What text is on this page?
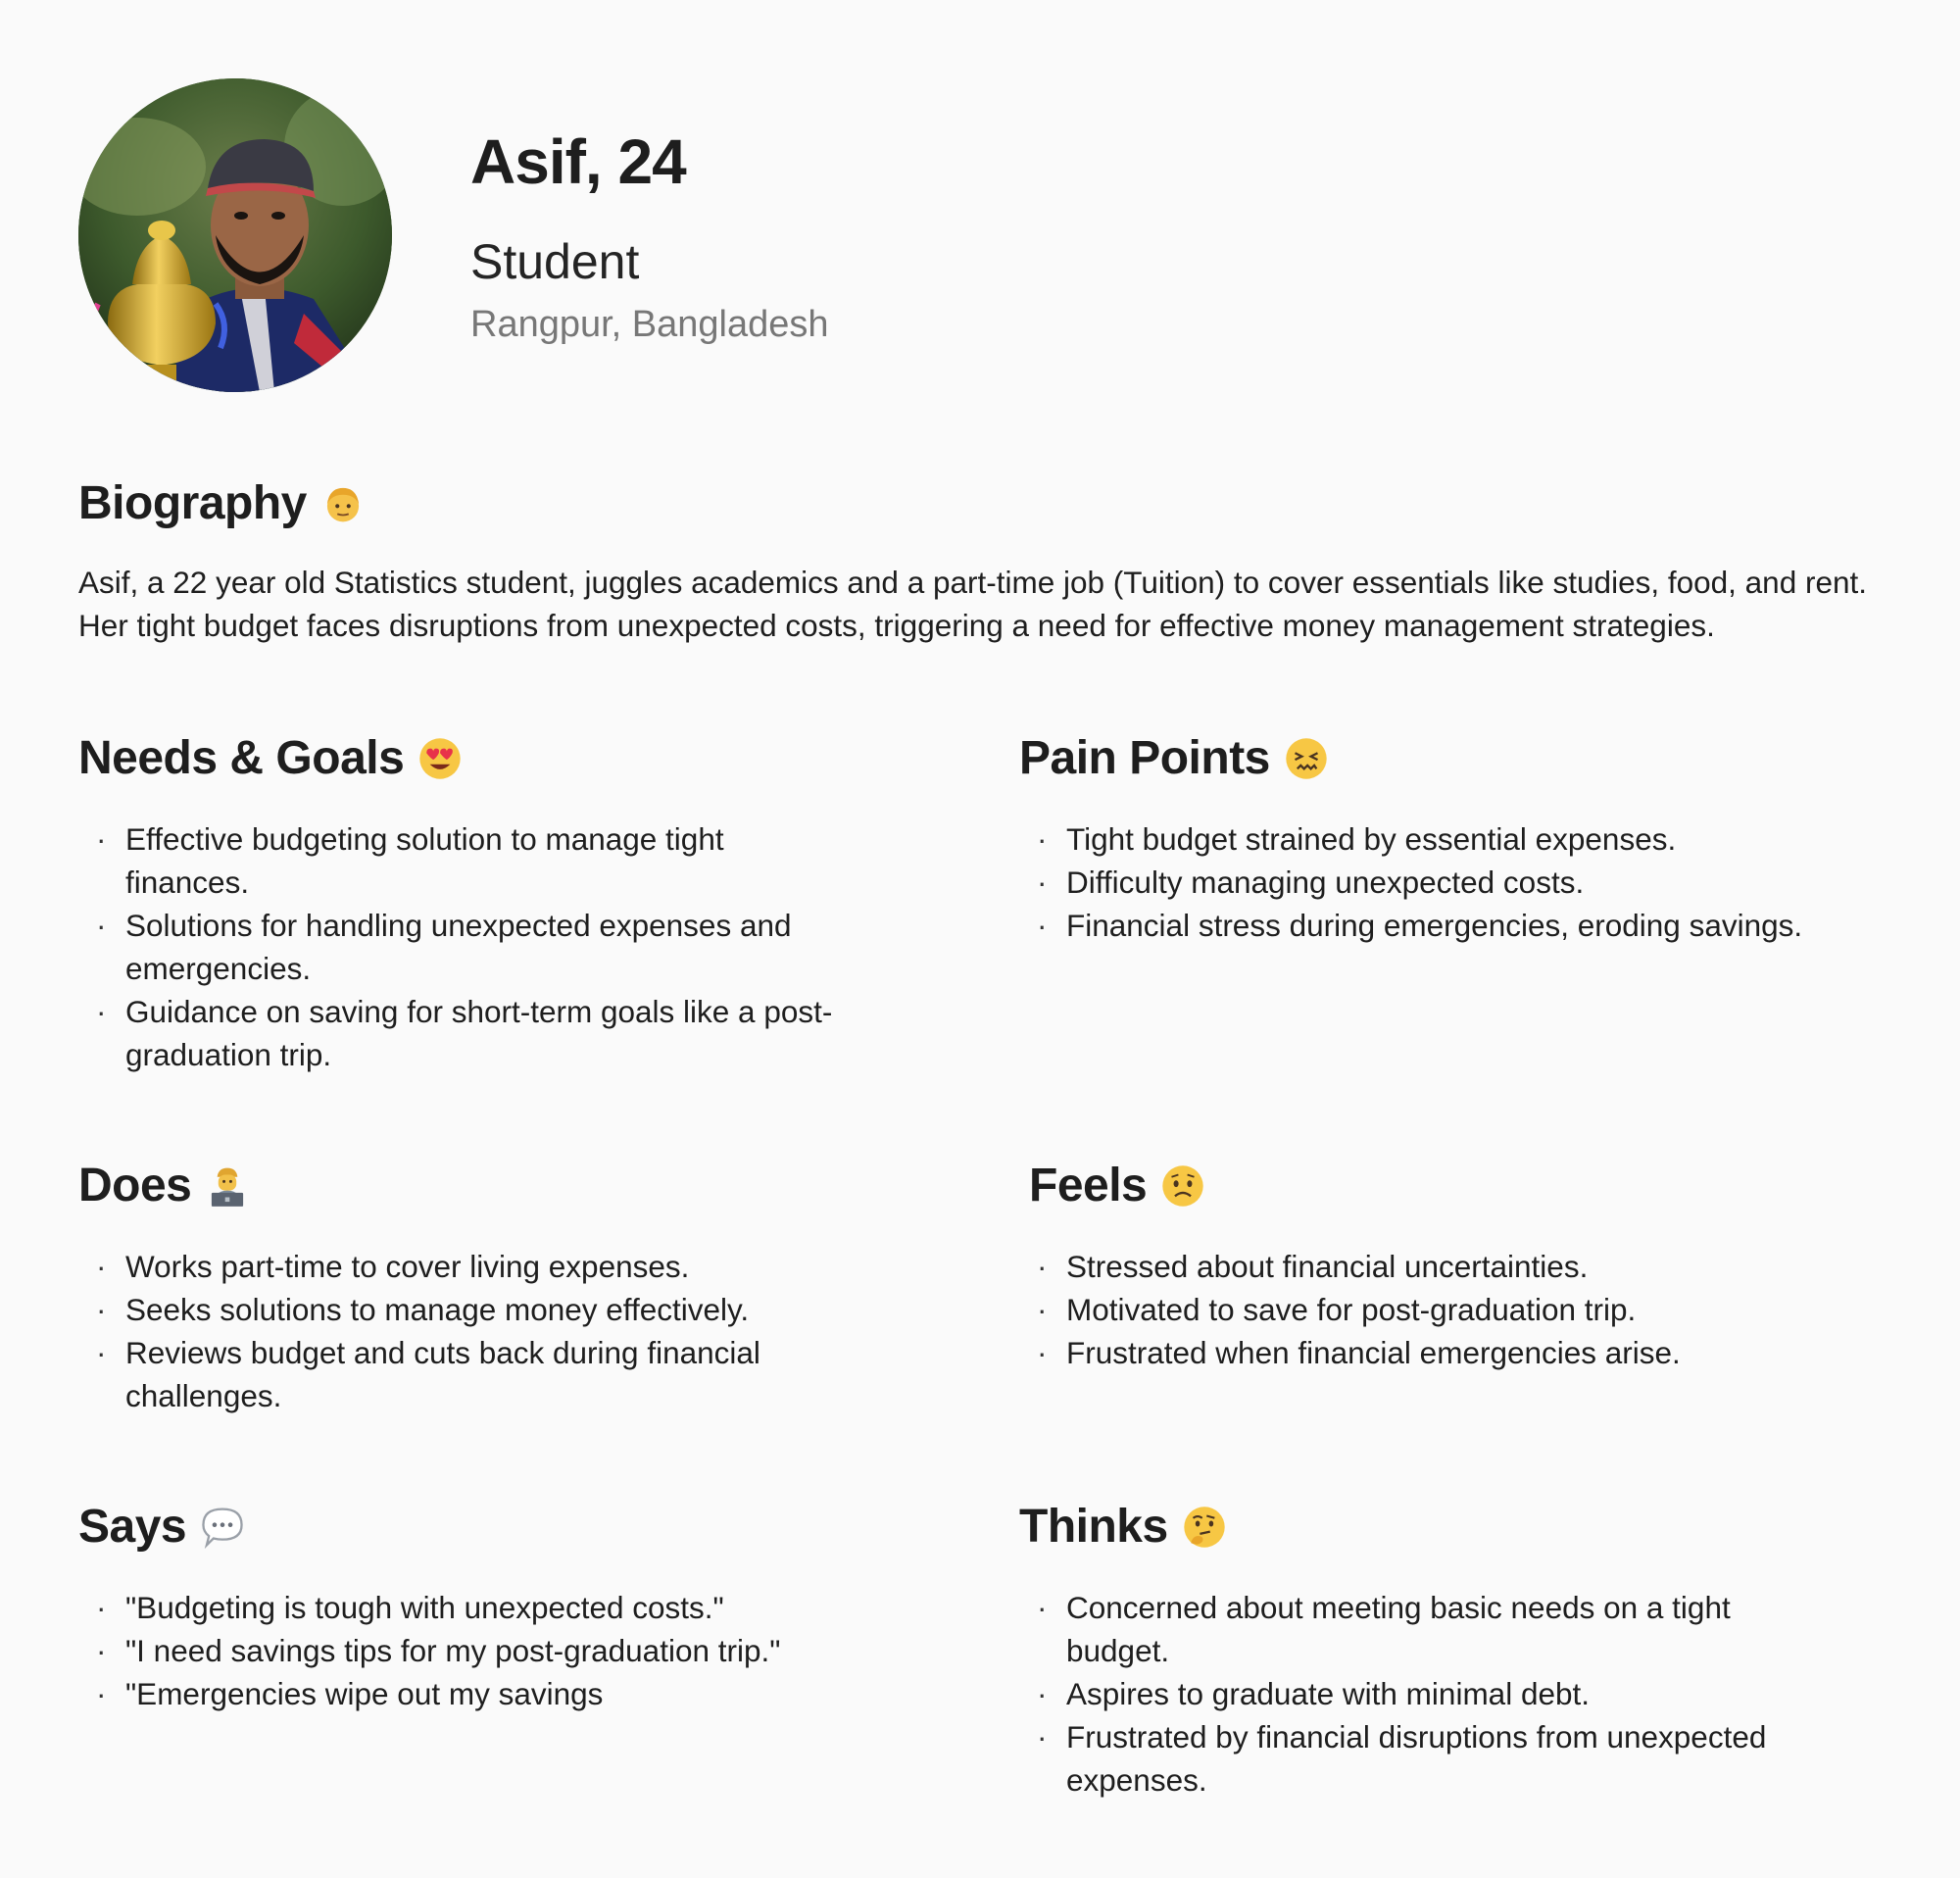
Asif, 24
Student
Rangpur, Bangladesh
Biography
Asif, a 22 year old Statistics student, juggles academics and a part-time job (Tuition) to cover essentials like studies, food, and rent. Her tight budget faces disruptions from unexpected costs, triggering a need for effective money management strategies.
Needs & Goals
· Effective budgeting solution to manage tight finances.
· Solutions for handling unexpected expenses and emergencies.
· Guidance on saving for short-term goals like a post-graduation trip.
Pain Points
· Tight budget strained by essential expenses.
· Difficulty managing unexpected costs.
· Financial stress during emergencies, eroding savings.
Does
· Works part-time to cover living expenses.
· Seeks solutions to manage money effectively.
· Reviews budget and cuts back during financial challenges.
Feels
· Stressed about financial uncertainties.
· Motivated to save for post-graduation trip.
· Frustrated when financial emergencies arise.
Says
· "Budgeting is tough with unexpected costs."
· "I need savings tips for my post-graduation trip."
· "Emergencies wipe out my savings
Thinks
· Concerned about meeting basic needs on a tight budget.
· Aspires to graduate with minimal debt.
· Frustrated by financial disruptions from unexpected expenses.
